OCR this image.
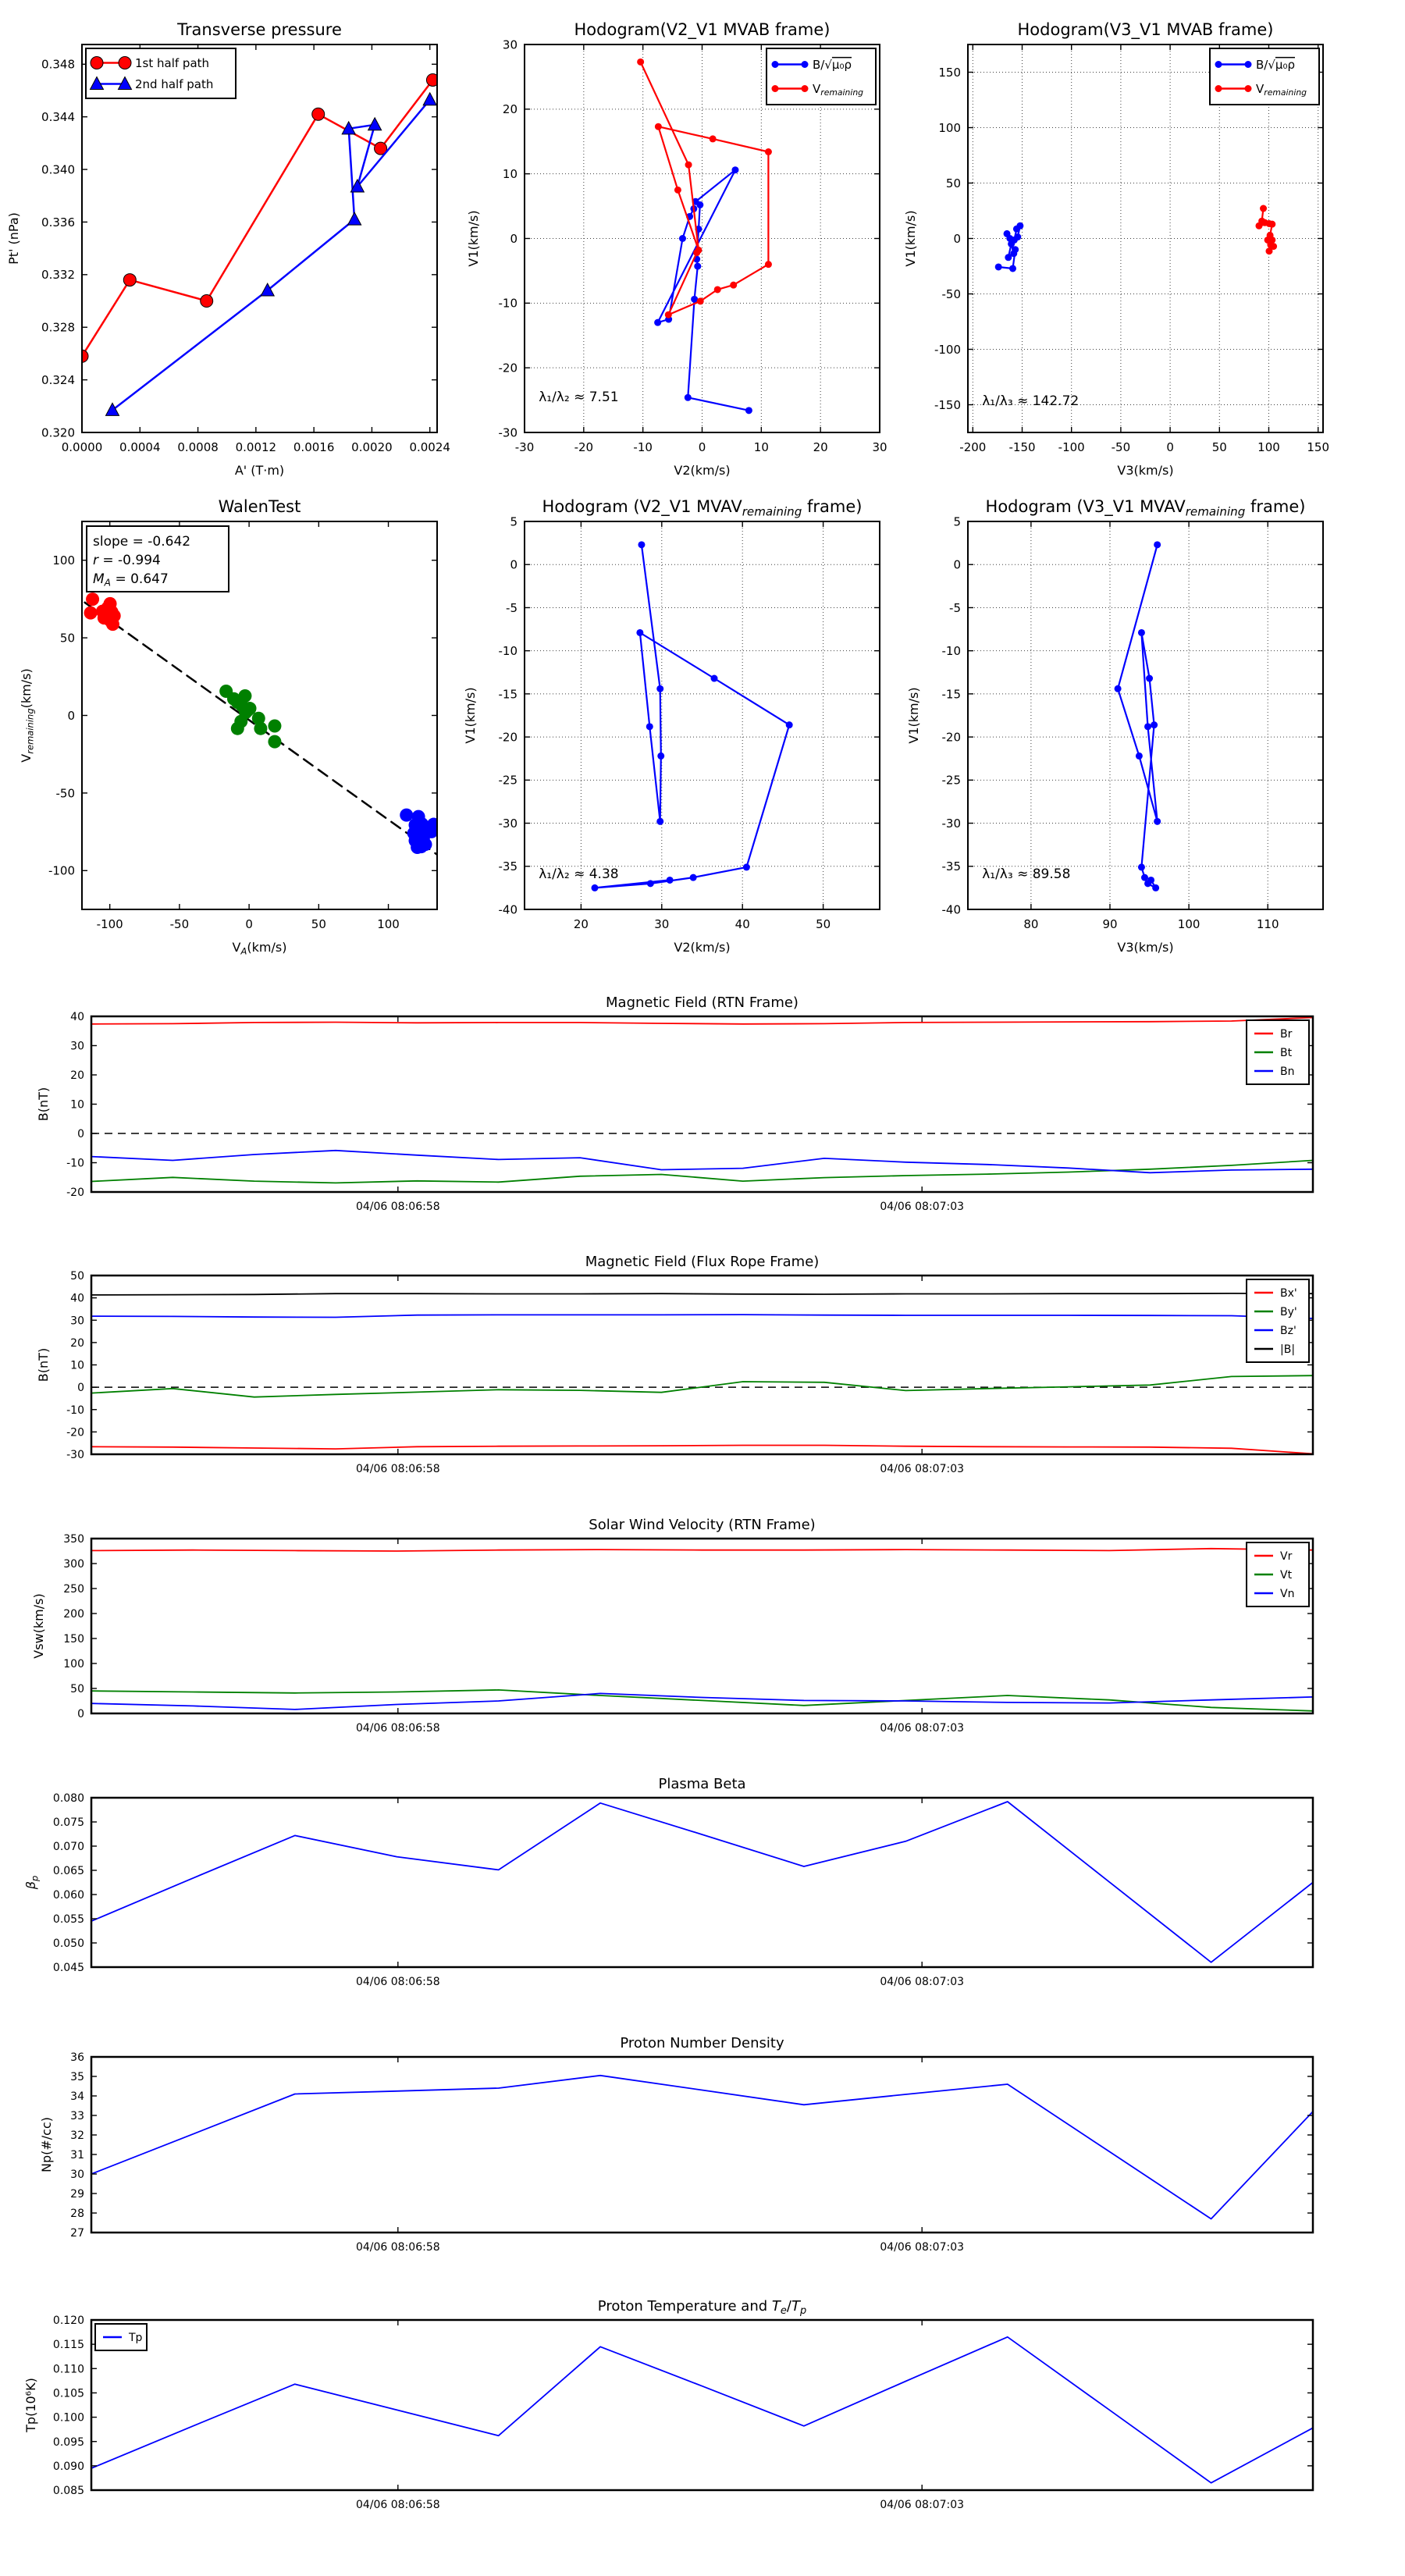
0.0000 0.0004 0.0008 0.0012 0.0016 0.0020 0.0024
0.320
0.324
0.328
0.332
0.336
0.340
0.344
0.348
Transverse pressure
A' (T·m)
Pt' (nPa)
1st half path
2nd half path
-30	-20	-10	0	10	20	30
-30
-20
-10
0
10
20
30
Hodogram(V2_V1 MVAB frame)
V2(km/s)
V1(km/s)
λ₁/λ₂ ≈ 7.51
B/√μ₀ρ
$V_{remaining}$
-200 -150 -100 -50	0	50	100 150
-150
-100
-50
0
50
100
150
Hodogram(V3_V1 MVAB frame)
V3(km/s)
V1(km/s)
λ₁/λ₃ ≈ 142.72
B/√μ₀ρ
$V_{remaining}$
-100	-50	0	50	100
-100
-50
0
50
100
WalenTest
$V_A(km/s)$
$V_{remaining}(km/s)$
slope = -0.642
r = -0.994
$M_A = 0.647$
20	30	40	50
5
0
-5
-10
-15
-20
-25
-30
-35
-40
Hodogram (V2_V1 $MVAV_{remaining}$ frame)
V2(km/s)
V1(km/s)
λ₁/λ₂ ≈ 4.38
80	90	100	110
5
0
-5
-10
-15
-20
-25
-30
-35
-40
Hodogram (V3_V1 $MVAV_{remaining}$ frame)
V3(km/s)
V1(km/s)
λ₁/λ₃ ≈ 89.58
04/06 08:06:58	04/06 08:07:03
-20
-10
0
10
20
30
40
Magnetic Field (RTN Frame)
B(nT)
Br
Bt
Bn
04/06 08:06:58	04/06 08:07:03
-30
-20
-10
0
10
20
30
40
50
Magnetic Field (Flux Rope Frame)
B(nT)
Bx'
By'
Bz'
|B|
04/06 08:06:58	04/06 08:07:03
0
50
100
150
200
250
300
350
Solar Wind Velocity (RTN Frame)
Vsw(km/s)
Vr
Vt
Vn
04/06 08:06:58	04/06 08:07:03
0.045
0.050
0.055
0.060
0.065
0.070
0.075
0.080
Plasma Beta
$\beta_p$
04/06 08:06:58	04/06 08:07:03
27
28
29
30
31
32
33
34
35
36
Proton Number Density
Np(#/cc)
04/06 08:06:58	04/06 08:07:03
0.085
0.090
0.095
0.100
0.105
0.110
0.115
0.120
Proton Temperature and $T_e/T_p$
Tp(10⁶K)
Tp
